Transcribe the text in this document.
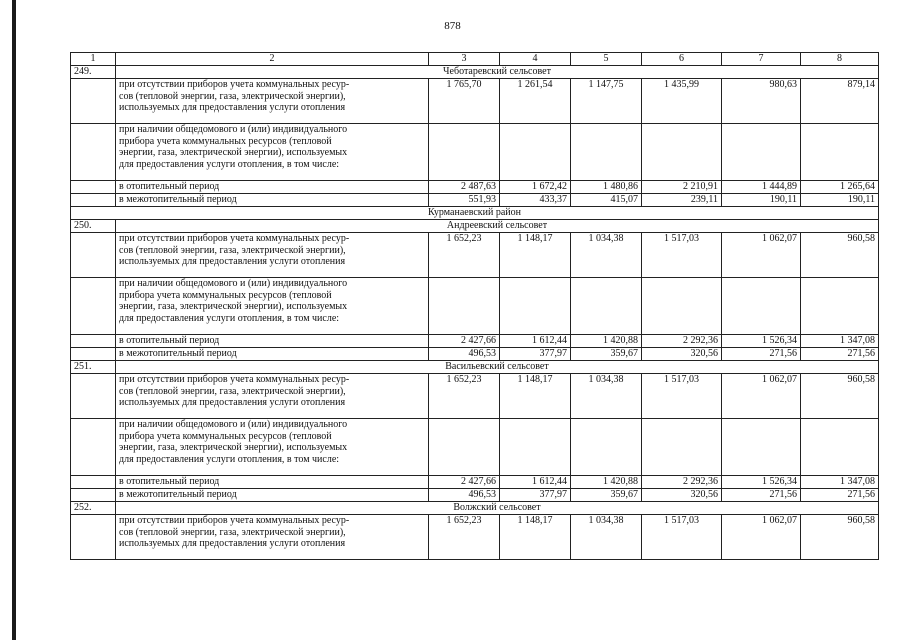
878
1	2	3	4	5	6	7	8
249.	Чеботаревский сельсовет						
	при отсутствии приборов учета коммунальных ресур-
сов (тепловой энергии, газа, электрической энергии),
используемых для предоставления услуги отопления	1 765,70	1 261,54	1 147,75	1 435,99	980,63	879,14
	при наличии общедомового и (или) индивидуального
прибора учета коммунальных ресурсов (тепловой
энергии, газа, электрической энергии), используемых
для предоставления услуги отопления, в том числе:						
	в отопительный период	2 487,63	1 672,42	1 480,86	2 210,91	1 444,89	1 265,64
	в межотопительный период	551,93	433,37	415,07	239,11	190,11	190,11
Курманаевский район							
250.	Андреевский сельсовет						
	при отсутствии приборов учета коммунальных ресур-
сов (тепловой энергии, газа, электрической энергии),
используемых для предоставления услуги отопления	1 652,23	1 148,17	1 034,38	1 517,03	1 062,07	960,58
	при наличии общедомового и (или) индивидуального
прибора учета коммунальных ресурсов (тепловой
энергии, газа, электрической энергии), используемых
для предоставления услуги отопления, в том числе:						
	в отопительный период	2 427,66	1 612,44	1 420,88	2 292,36	1 526,34	1 347,08
	в межотопительный период	496,53	377,97	359,67	320,56	271,56	271,56
251.	Васильевский сельсовет						
	при отсутствии приборов учета коммунальных ресур-
сов (тепловой энергии, газа, электрической энергии),
используемых для предоставления услуги отопления	1 652,23	1 148,17	1 034,38	1 517,03	1 062,07	960,58
	при наличии общедомового и (или) индивидуального
прибора учета коммунальных ресурсов (тепловой
энергии, газа, электрической энергии), используемых
для предоставления услуги отопления, в том числе:						
	в отопительный период	2 427,66	1 612,44	1 420,88	2 292,36	1 526,34	1 347,08
	в межотопительный период	496,53	377,97	359,67	320,56	271,56	271,56
252.	Волжский сельсовет						
	при отсутствии приборов учета коммунальных ресур-
сов (тепловой энергии, газа, электрической энергии),
используемых для предоставления услуги отопления	1 652,23	1 148,17	1 034,38	1 517,03	1 062,07	960,58
